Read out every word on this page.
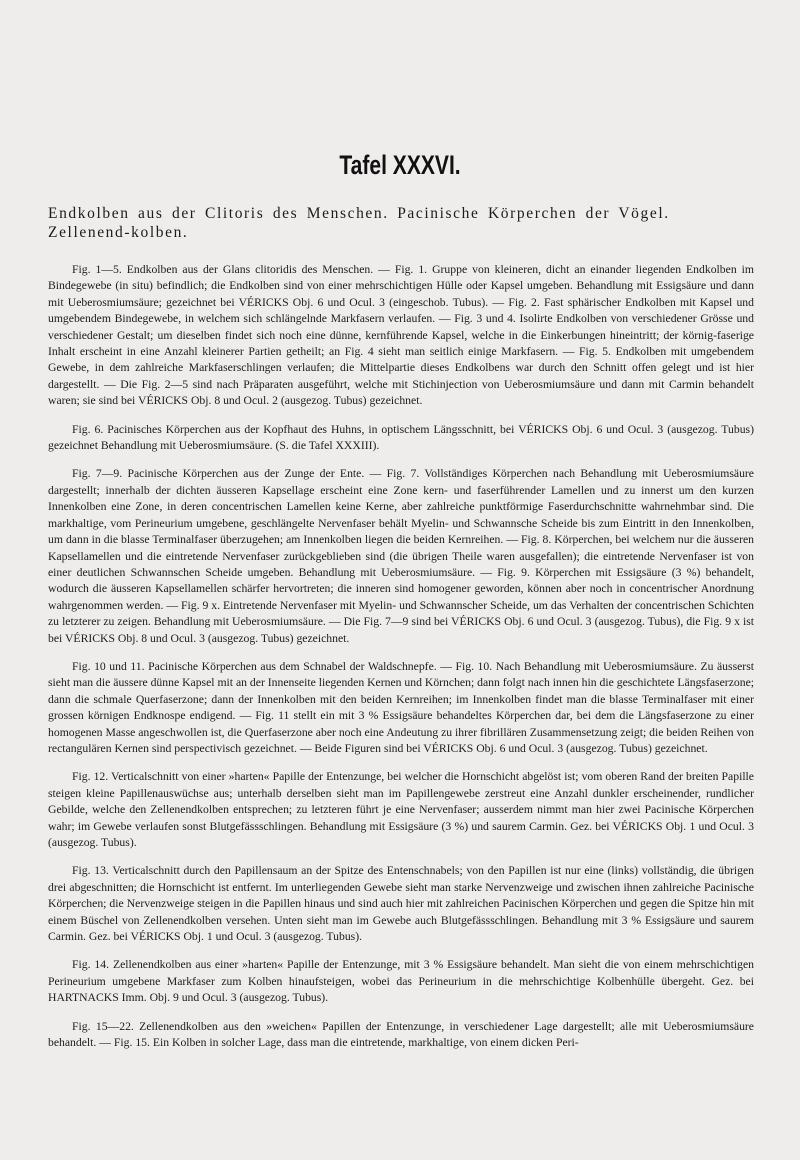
Tafel XXXVI.

Endkolben aus der Clitoris des Menschen. Pacinische Körperchen der Vögel. Zellenend-kolben.

Fig. 1—5. Endkolben aus der Glans clitoridis des Menschen. — Fig. 1. Gruppe von kleineren, dicht an einander liegenden Endkolben im Bindegewebe (in situ) befindlich; die Endkolben sind von einer mehrschichtigen Hülle oder Kapsel umgeben. Behandlung mit Essigsäure und dann mit Ueberosmiumsäure; gezeichnet bei VÉRICKS Obj. 6 und Ocul. 3 (eingeschob. Tubus). — Fig. 2. Fast sphärischer Endkolben mit Kapsel und umgebendem Bindegewebe, in welchem sich schlängelnde Markfasern verlaufen. — Fig. 3 und 4. Isolirte Endkolben von verschiedener Grösse und verschiedener Gestalt; um dieselben findet sich noch eine dünne, kernführende Kapsel, welche in die Einkerbungen hineintritt; der körnig-faserige Inhalt erscheint in eine Anzahl kleinerer Partien getheilt; an Fig. 4 sieht man seitlich einige Markfasern. — Fig. 5. Endkolben mit umgebendem Gewebe, in dem zahlreiche Markfaserschlingen verlaufen; die Mittelpartie dieses Endkolbens war durch den Schnitt offen gelegt und ist hier dargestellt. — Die Fig. 2—5 sind nach Präparaten ausgeführt, welche mit Stichinjection von Ueberosmiumsäure und dann mit Carmin behandelt waren; sie sind bei VÉRICKS Obj. 8 und Ocul. 2 (ausgezog. Tubus) gezeichnet.

Fig. 6. Pacinisches Körperchen aus der Kopfhaut des Huhns, in optischem Längsschnitt, bei VÉRICKS Obj. 6 und Ocul. 3 (ausgezog. Tubus) gezeichnet Behandlung mit Ueberosmiumsäure. (S. die Tafel XXXIII).

Fig. 7—9. Pacinische Körperchen aus der Zunge der Ente. — Fig. 7. Vollständiges Körperchen nach Behandlung mit Ueberosmiumsäure dargestellt; innerhalb der dichten äusseren Kapsellage erscheint eine Zone kern- und faserführender Lamellen und zu innerst um den kurzen Innenkolben eine Zone, in deren concentrischen Lamellen keine Kerne, aber zahlreiche punktförmige Faserdurchschnitte wahrnehmbar sind. Die markhaltige, vom Perineurium umgebene, geschlängelte Nervenfaser behält Myelin- und Schwannsche Scheide bis zum Eintritt in den Innenkolben, um dann in die blasse Terminalfaser überzugehen; am Innenkolben liegen die beiden Kernreihen. — Fig. 8. Körperchen, bei welchem nur die äusseren Kapsellamellen und die eintretende Nervenfaser zurückgeblieben sind (die übrigen Theile waren ausgefallen); die eintretende Nervenfaser ist von einer deutlichen Schwannschen Scheide umgeben. Behandlung mit Ueberosmiumsäure. — Fig. 9. Körperchen mit Essigsäure (3 %) behandelt, wodurch die äusseren Kapsellamellen schärfer hervortreten; die inneren sind homogener geworden, können aber noch in concentrischer Anordnung wahrgenommen werden. — Fig. 9 x. Eintretende Nervenfaser mit Myelin- und Schwannscher Scheide, um das Verhalten der concentrischen Schichten zu letzterer zu zeigen. Behandlung mit Ueberosmiumsäure. — Die Fig. 7—9 sind bei VÉRICKS Obj. 6 und Ocul. 3 (ausgezog. Tubus), die Fig. 9 x ist bei VÉRICKS Obj. 8 und Ocul. 3 (ausgezog. Tubus) gezeichnet.

Fig. 10 und 11. Pacinische Körperchen aus dem Schnabel der Waldschnepfe. — Fig. 10. Nach Behandlung mit Ueberosmiumsäure. Zu äusserst sieht man die äussere dünne Kapsel mit an der Innenseite liegenden Kernen und Körnchen; dann folgt nach innen hin die geschichtete Längsfaserzone; dann die schmale Querfaserzone; dann der Innenkolben mit den beiden Kernreihen; im Innenkolben findet man die blasse Terminalfaser mit einer grossen körnigen Endknospe endigend. — Fig. 11 stellt ein mit 3 % Essigsäure behandeltes Körperchen dar, bei dem die Längsfaserzone zu einer homogenen Masse angeschwollen ist, die Querfaserzone aber noch eine Andeutung zu ihrer fibrillären Zusammensetzung zeigt; die beiden Reihen von rectangulären Kernen sind perspectivisch gezeichnet. — Beide Figuren sind bei VÉRICKS Obj. 6 und Ocul. 3 (ausgezog. Tubus) gezeichnet.

Fig. 12. Verticalschnitt von einer »harten« Papille der Entenzunge, bei welcher die Hornschicht abgelöst ist; vom oberen Rand der breiten Papille steigen kleine Papillenauswüchse aus; unterhalb derselben sieht man im Papillengewebe zerstreut eine Anzahl dunkler erscheinender, rundlicher Gebilde, welche den Zellenendkolben entsprechen; zu letzteren führt je eine Nervenfaser; ausserdem nimmt man hier zwei Pacinische Körperchen wahr; im Gewebe verlaufen sonst Blutgefässschlingen. Behandlung mit Essigsäure (3 %) und saurem Carmin. Gez. bei VÉRICKS Obj. 1 und Ocul. 3 (ausgezog. Tubus).

Fig. 13. Verticalschnitt durch den Papillensaum an der Spitze des Entenschnabels; von den Papillen ist nur eine (links) vollständig, die übrigen drei abgeschnitten; die Hornschicht ist entfernt. Im unterliegenden Gewebe sieht man starke Nervenzweige und zwischen ihnen zahlreiche Pacinische Körperchen; die Nervenzweige steigen in die Papillen hinaus und sind auch hier mit zahlreichen Pacinischen Körperchen und gegen die Spitze hin mit einem Büschel von Zellenendkolben versehen. Unten sieht man im Gewebe auch Blutgefässschlingen. Behandlung mit 3 % Essigsäure und saurem Carmin. Gez. bei VÉRICKS Obj. 1 und Ocul. 3 (ausgezog. Tubus).

Fig. 14. Zellenendkolben aus einer »harten« Papille der Entenzunge, mit 3 % Essigsäure behandelt. Man sieht die von einem mehrschichtigen Perineurium umgebene Markfaser zum Kolben hinaufsteigen, wobei das Perineurium in die mehrschichtige Kolbenhülle übergeht. Gez. bei HARTNACKS Imm. Obj. 9 und Ocul. 3 (ausgezog. Tubus).

Fig. 15—22. Zellenendkolben aus den »weichen« Papillen der Entenzunge, in verschiedener Lage dargestellt; alle mit Ueberosmiumsäure behandelt. — Fig. 15. Ein Kolben in solcher Lage, dass man die eintretende, markhaltige, von einem dicken Peri-
